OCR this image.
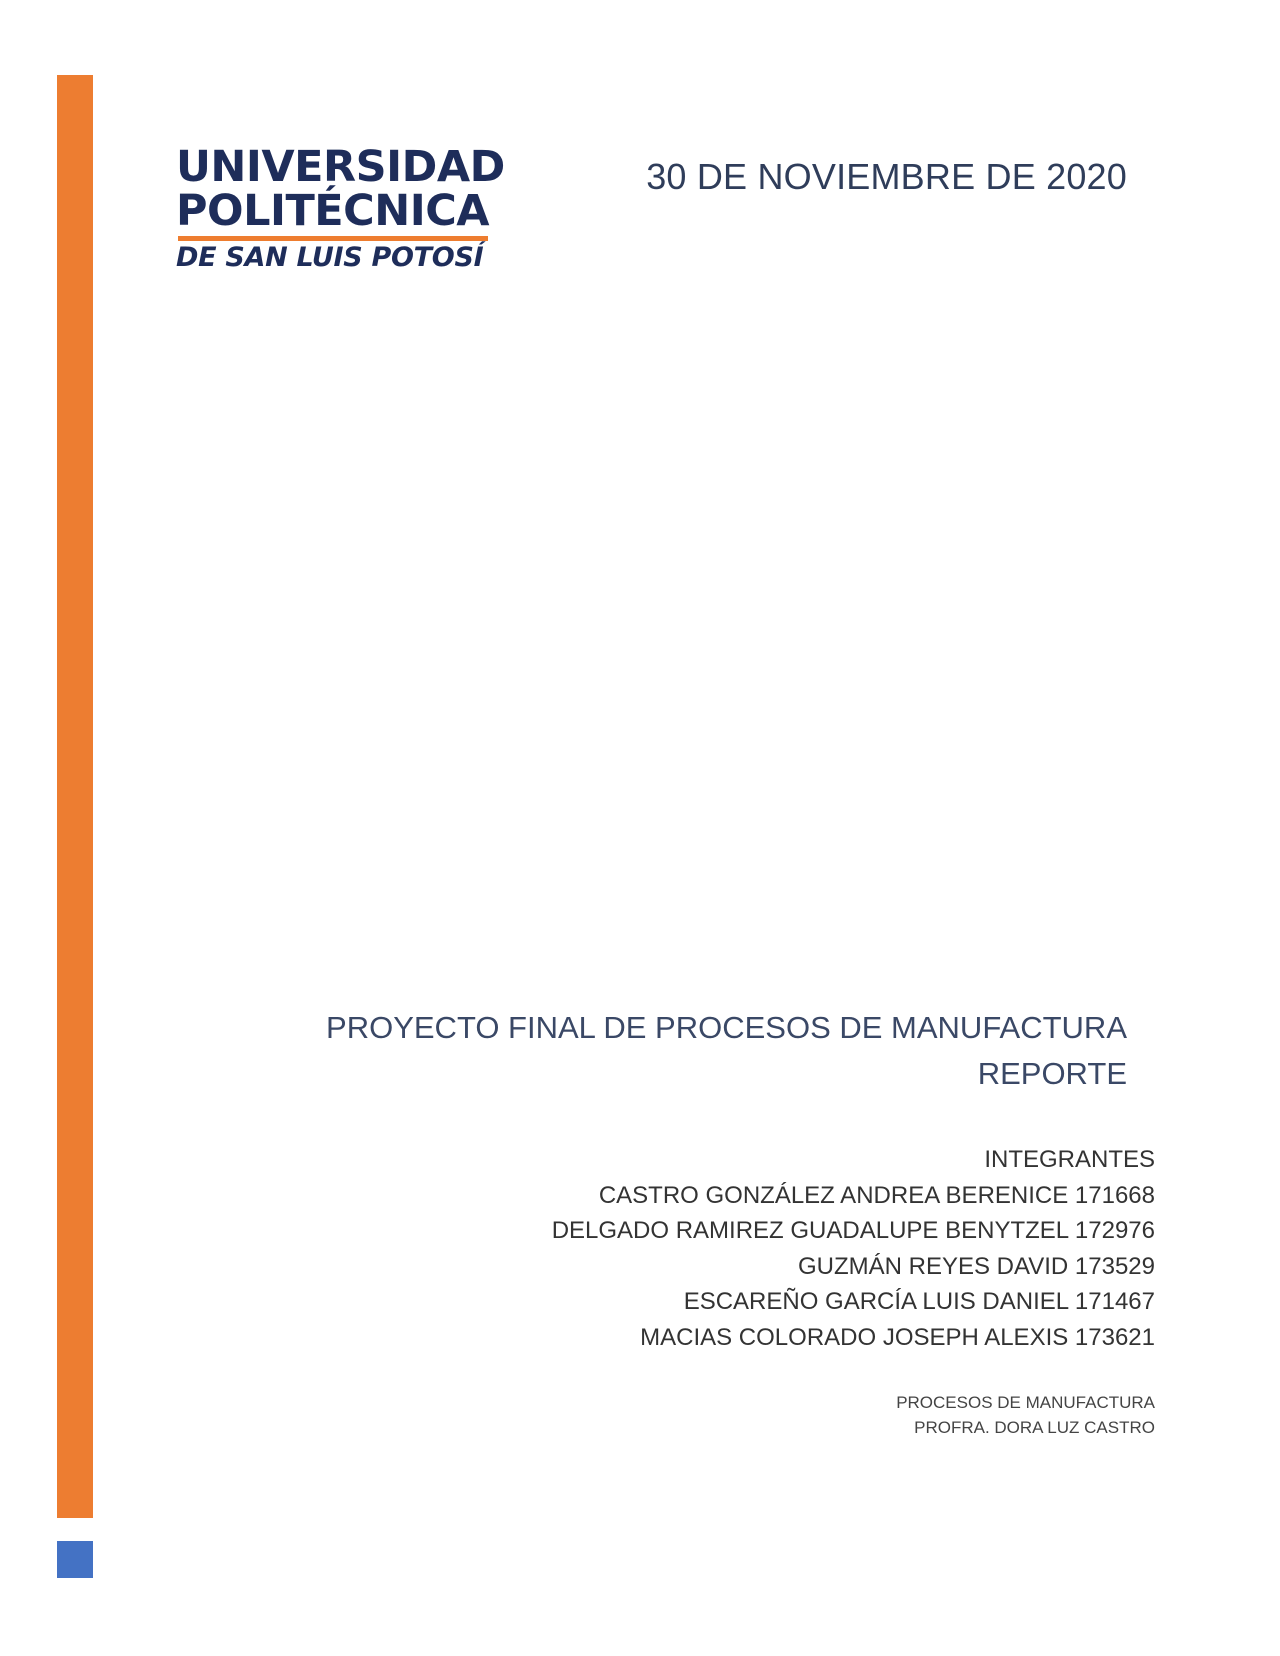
UNIVERSIDAD
POLITÉCNICA
DE SAN LUIS POTOSÍ
30 DE NOVIEMBRE DE 2020
PROYECTO FINAL DE PROCESOS DE MANUFACTURA
REPORTE
INTEGRANTES
CASTRO GONZÁLEZ ANDREA BERENICE 171668
DELGADO RAMIREZ GUADALUPE BENYTZEL 172976
GUZMÁN REYES DAVID 173529
ESCAREÑO GARCÍA LUIS DANIEL 171467
MACIAS COLORADO JOSEPH ALEXIS 173621
PROCESOS DE MANUFACTURA
PROFRA. DORA LUZ CASTRO
